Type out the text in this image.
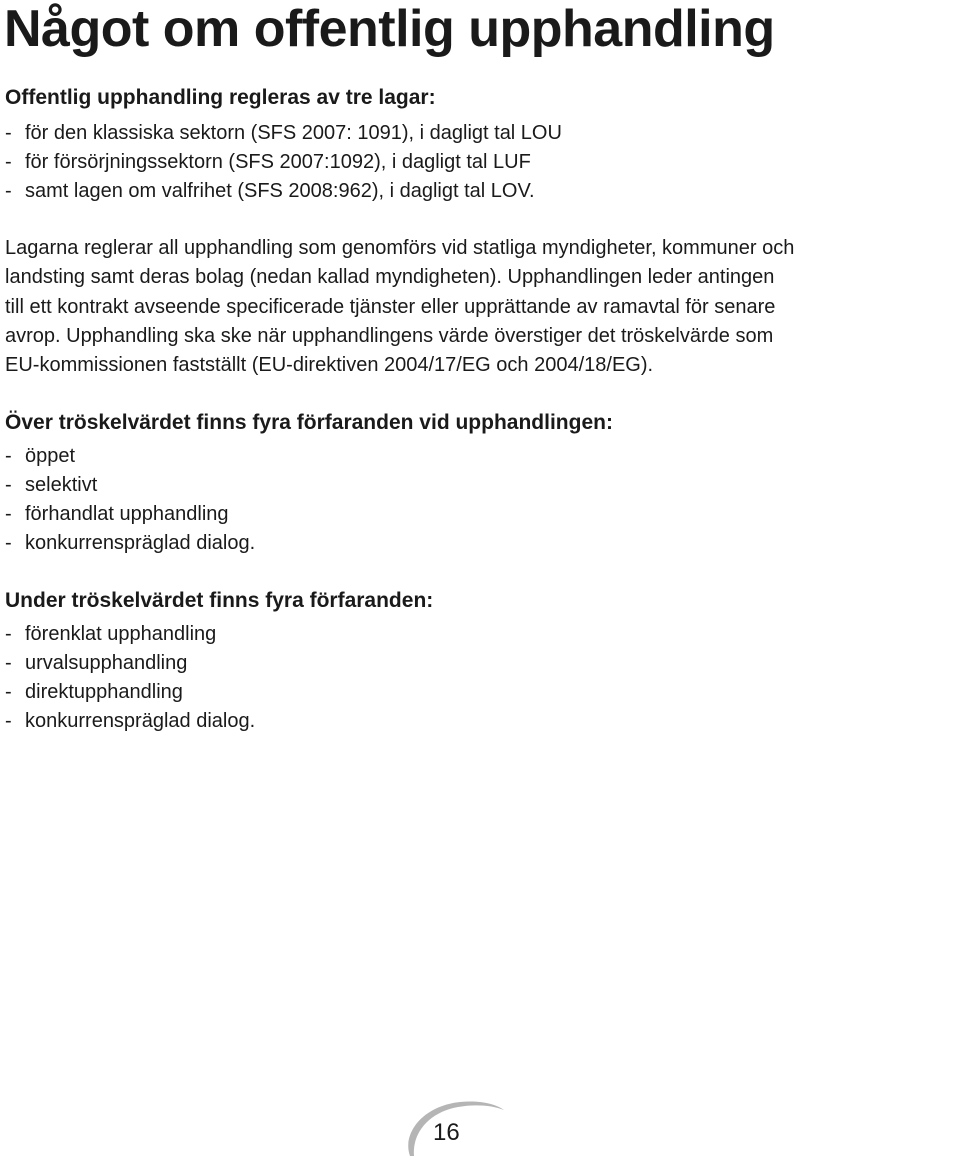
Något om offentlig upphandling
Offentlig upphandling regleras av tre lagar:
- för den klassiska sektorn (SFS 2007: 1091), i dagligt tal LOU
- för försörjningssektorn (SFS 2007:1092), i dagligt tal LUF
- samt lagen om valfrihet (SFS 2008:962), i dagligt tal LOV.

Lagarna reglerar all upphandling som genomförs vid statliga myndigheter, kommuner och
landsting samt deras bolag (nedan kallad myndigheten). Upphandlingen leder antingen
till ett kontrakt avseende specificerade tjänster eller upprättande av ramavtal för senare
avrop. Upphandling ska ske när upphandlingens värde överstiger det tröskelvärde som
EU-kommissionen fastställt (EU-direktiven 2004/17/EG och 2004/18/EG).

Över tröskelvärdet finns fyra förfaranden vid upphandlingen:
- öppet
- selektivt
- förhandlat upphandling
- konkurrenspräglad dialog.
Under tröskelvärdet finns fyra förfaranden:
- förenklat upphandling
- urvalsupphandling
- direktupphandling
- konkurrenspräglad dialog.
16
